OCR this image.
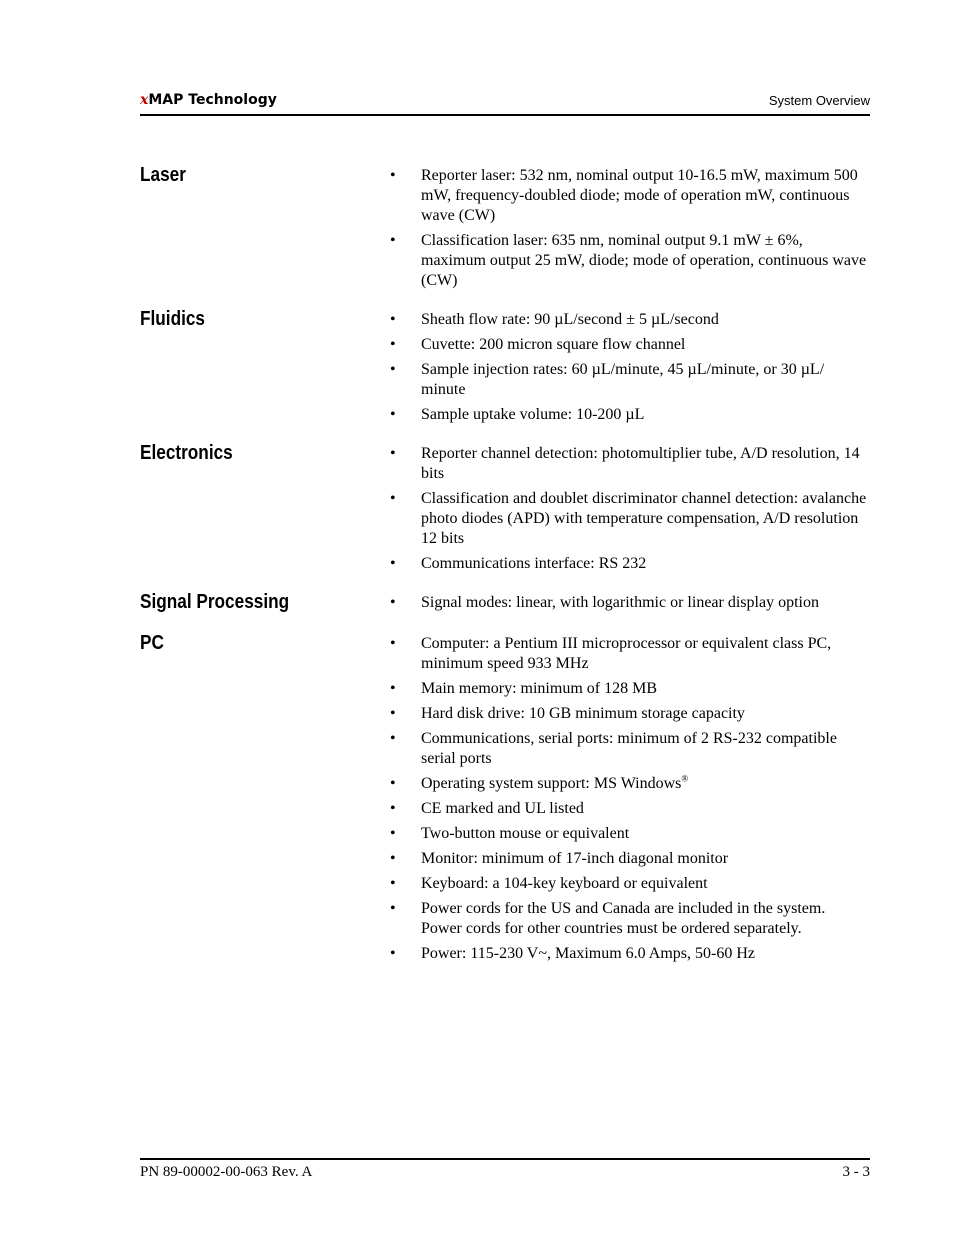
xMAP Technology	System Overview
Laser	• Reporter laser: 532 nm, nominal output 10-16.5 mW, maximum 500 mW, frequency-doubled diode; mode of operation mW, continuous wave (CW)
• Classification laser: 635 nm, nominal output 9.1 mW ± 6%, maximum output 25 mW, diode; mode of operation, continuous wave (CW)
Fluidics	• Sheath flow rate: 90 µL/second ± 5 µL/second
• Cuvette: 200 micron square flow channel
• Sample injection rates: 60 µL/minute, 45 µL/minute, or 30 µL/ minute
• Sample uptake volume: 10-200 µL
Electronics	• Reporter channel detection: photomultiplier tube, A/D resolution, 14 bits
• Classification and doublet discriminator channel detection: avalanche photo diodes (APD) with temperature compensation, A/D resolution 12 bits
• Communications interface: RS 232
Signal Processing	• Signal modes: linear, with logarithmic or linear display option
PC	• Computer: a Pentium III microprocessor or equivalent class PC, minimum speed 933 MHz
• Main memory: minimum of 128 MB
• Hard disk drive: 10 GB minimum storage capacity
• Communications, serial ports: minimum of 2 RS-232 compatible serial ports
• Operating system support: MS Windows®
• CE marked and UL listed
• Two-button mouse or equivalent
• Monitor: minimum of 17-inch diagonal monitor
• Keyboard: a 104-key keyboard or equivalent
• Power cords for the US and Canada are included in the system. Power cords for other countries must be ordered separately.
• Power: 115-230 V~, Maximum 6.0 Amps, 50-60 Hz
PN 89-00002-00-063 Rev. A	3 - 3
